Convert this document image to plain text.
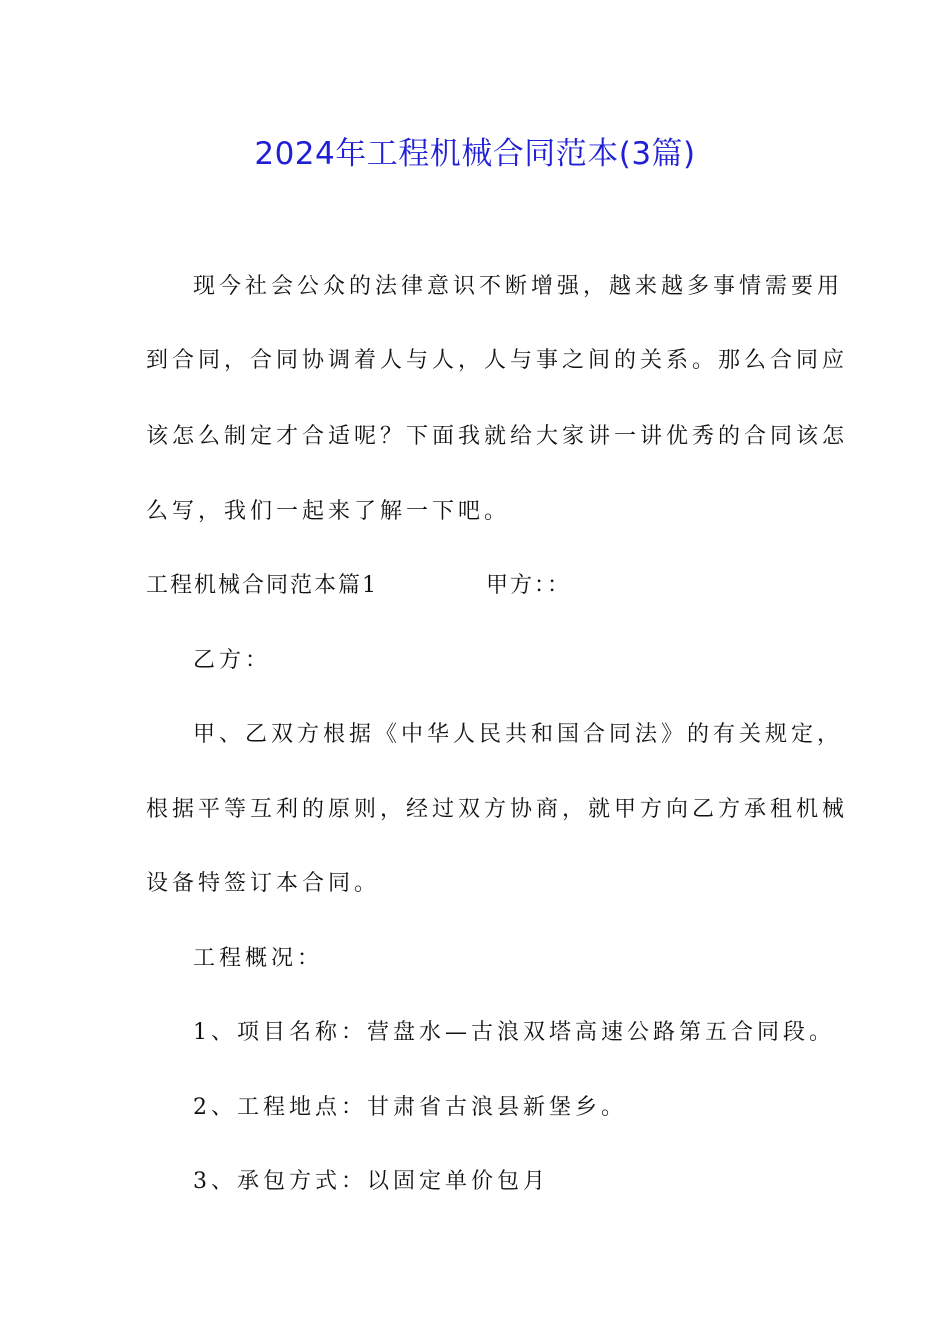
2024年工程机械合同范本(3篇)

现今社会公众的法律意识不断增强，越来越多事情需要用

到合同，合同协调着人与人，人与事之间的关系。那么合同应

该怎么制定才合适呢？下面我就给大家讲一讲优秀的合同该怎

么写，我们一起来了解一下吧。

工程机械合同范本篇1	甲方：：

乙方：

甲、乙双方根据《中华人民共和国合同法》的有关规定，

根据平等互利的原则，经过双方协商，就甲方向乙方承租机械

设备特签订本合同。

工程概况：

1、项目名称：营盘水—古浪双塔高速公路第五合同段。

2、工程地点：甘肃省古浪县新堡乡。

3、承包方式：以固定单价包月
